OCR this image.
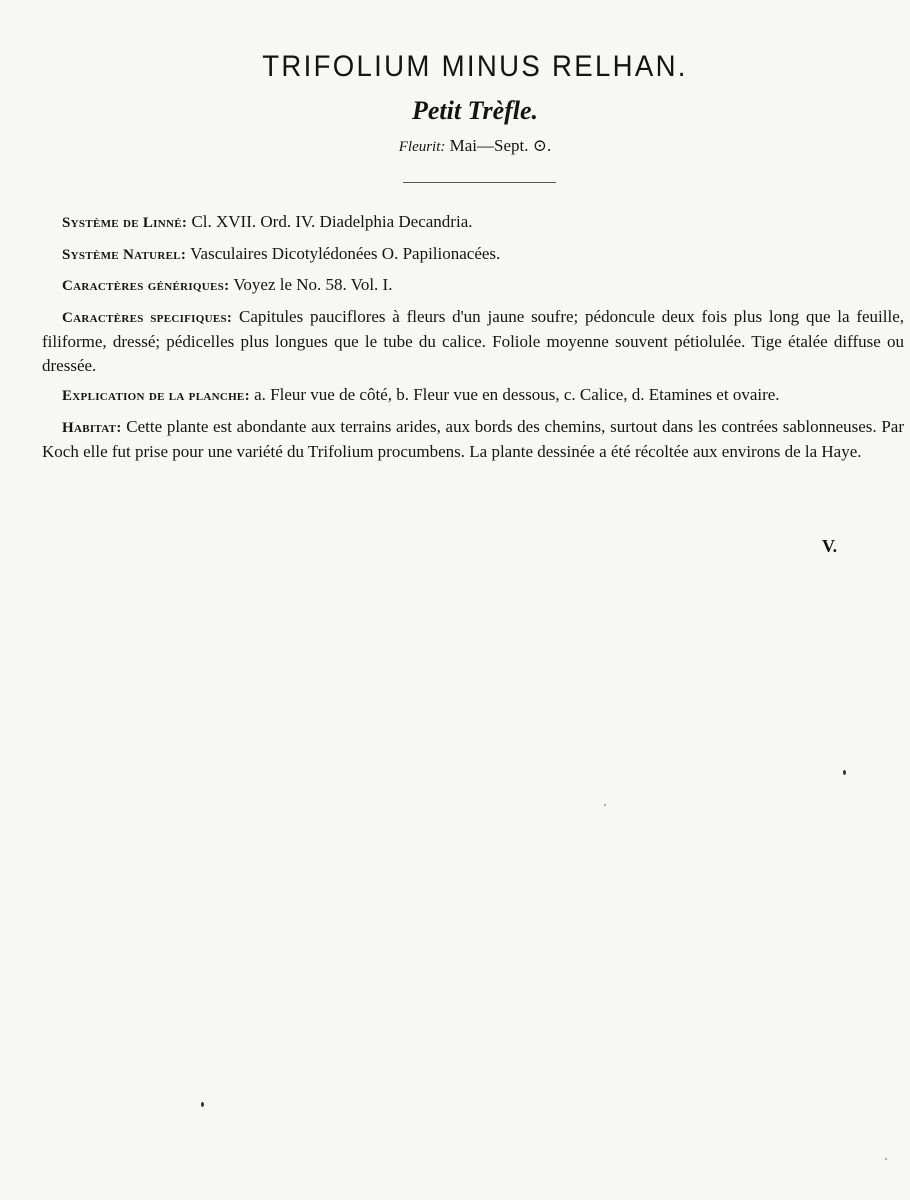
TRIFOLIUM MINUS RELHAN.
Petit Trèfle.

Fleurit: Mai—Sept. ⊙.

Système de Linné: Cl. XVII. Ord. IV. Diadelphia Decandria.

Système Naturel: Vasculaires Dicotylédonées O. Papilionacées.

Caractères génériques: Voyez le No. 58. Vol. I.

Caractères specifiques: Capitules pauciflores à fleurs d'un jaune soufre; pédoncule deux fois plus long que la feuille, filiforme, dressé; pédicelles plus longues que le tube du calice. Foliole moyenne souvent pétiolulée. Tige étalée diffuse ou dressée.

Explication de la planche: a. Fleur vue de côté, b. Fleur vue en dessous, c. Calice, d. Etamines et ovaire.

Habitat: Cette plante est abondante aux terrains arides, aux bords des chemins, surtout dans les contrées sablonneuses. Par Koch elle fut prise pour une variété du Trifolium procumbens. La plante dessinée a été récoltée aux environs de la Haye.

V.
